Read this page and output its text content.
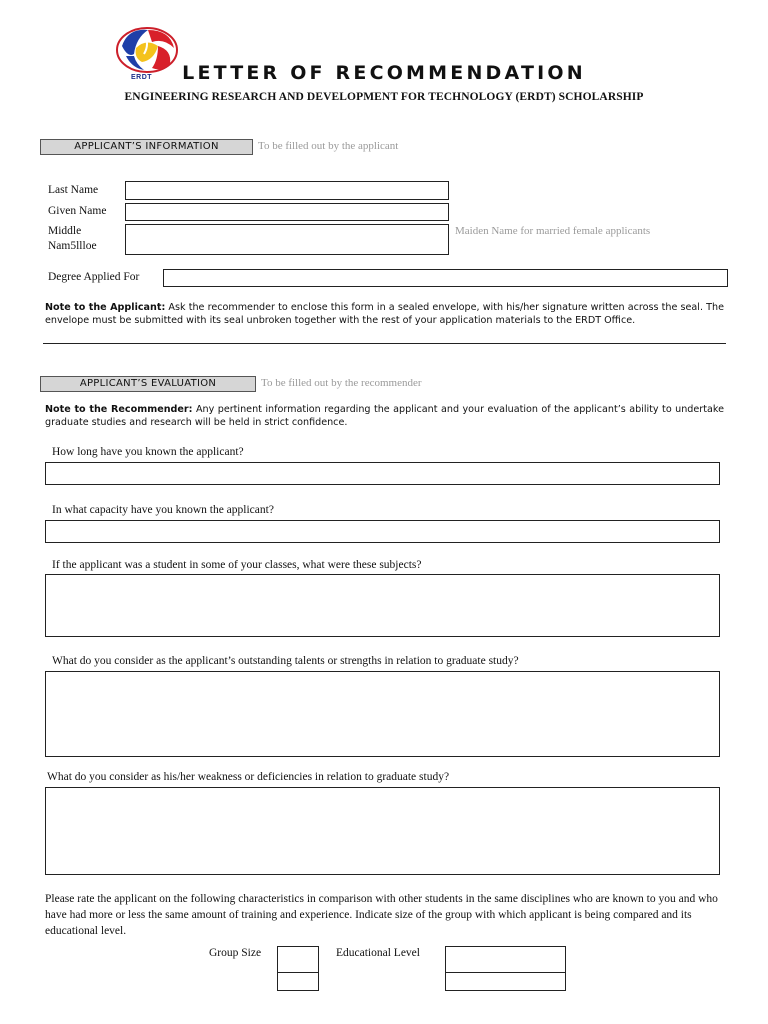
ERDT	LETTER OF RECOMMENDATION
ENGINEERING RESEARCH AND DEVELOPMENT FOR TECHNOLOGY (ERDT) SCHOLARSHIP
APPLICANT’S INFORMATION	To be filled out by the applicant
Last Name
Given Name
Middle
Nam5llloe
Maiden Name for married female applicants
Degree Applied For
Note to the Applicant: Ask the recommender to enclose this form in a sealed envelope, with his/her signature written across the seal. The envelope must be submitted with its seal unbroken together with the rest of your application materials to the ERDT Office.
APPLICANT’S EVALUATION	To be filled out by the recommender
Note to the Recommender: Any pertinent information regarding the applicant and your evaluation of the applicant’s ability to undertake graduate studies and research will be held in strict confidence.
How long have you known the applicant?
In what capacity have you known the applicant?
If the applicant was a student in some of your classes, what were these subjects?
What do you consider as the applicant’s outstanding talents or strengths in relation to graduate study?
What do you consider as his/her weakness or deficiencies in relation to graduate study?
Please rate the applicant on the following characteristics in comparison with other students in the same disciplines who are known to you and who have had more or less the same amount of training and experience. Indicate size of the group with which applicant is being compared and its educational level.
Group Size	Educational Level
